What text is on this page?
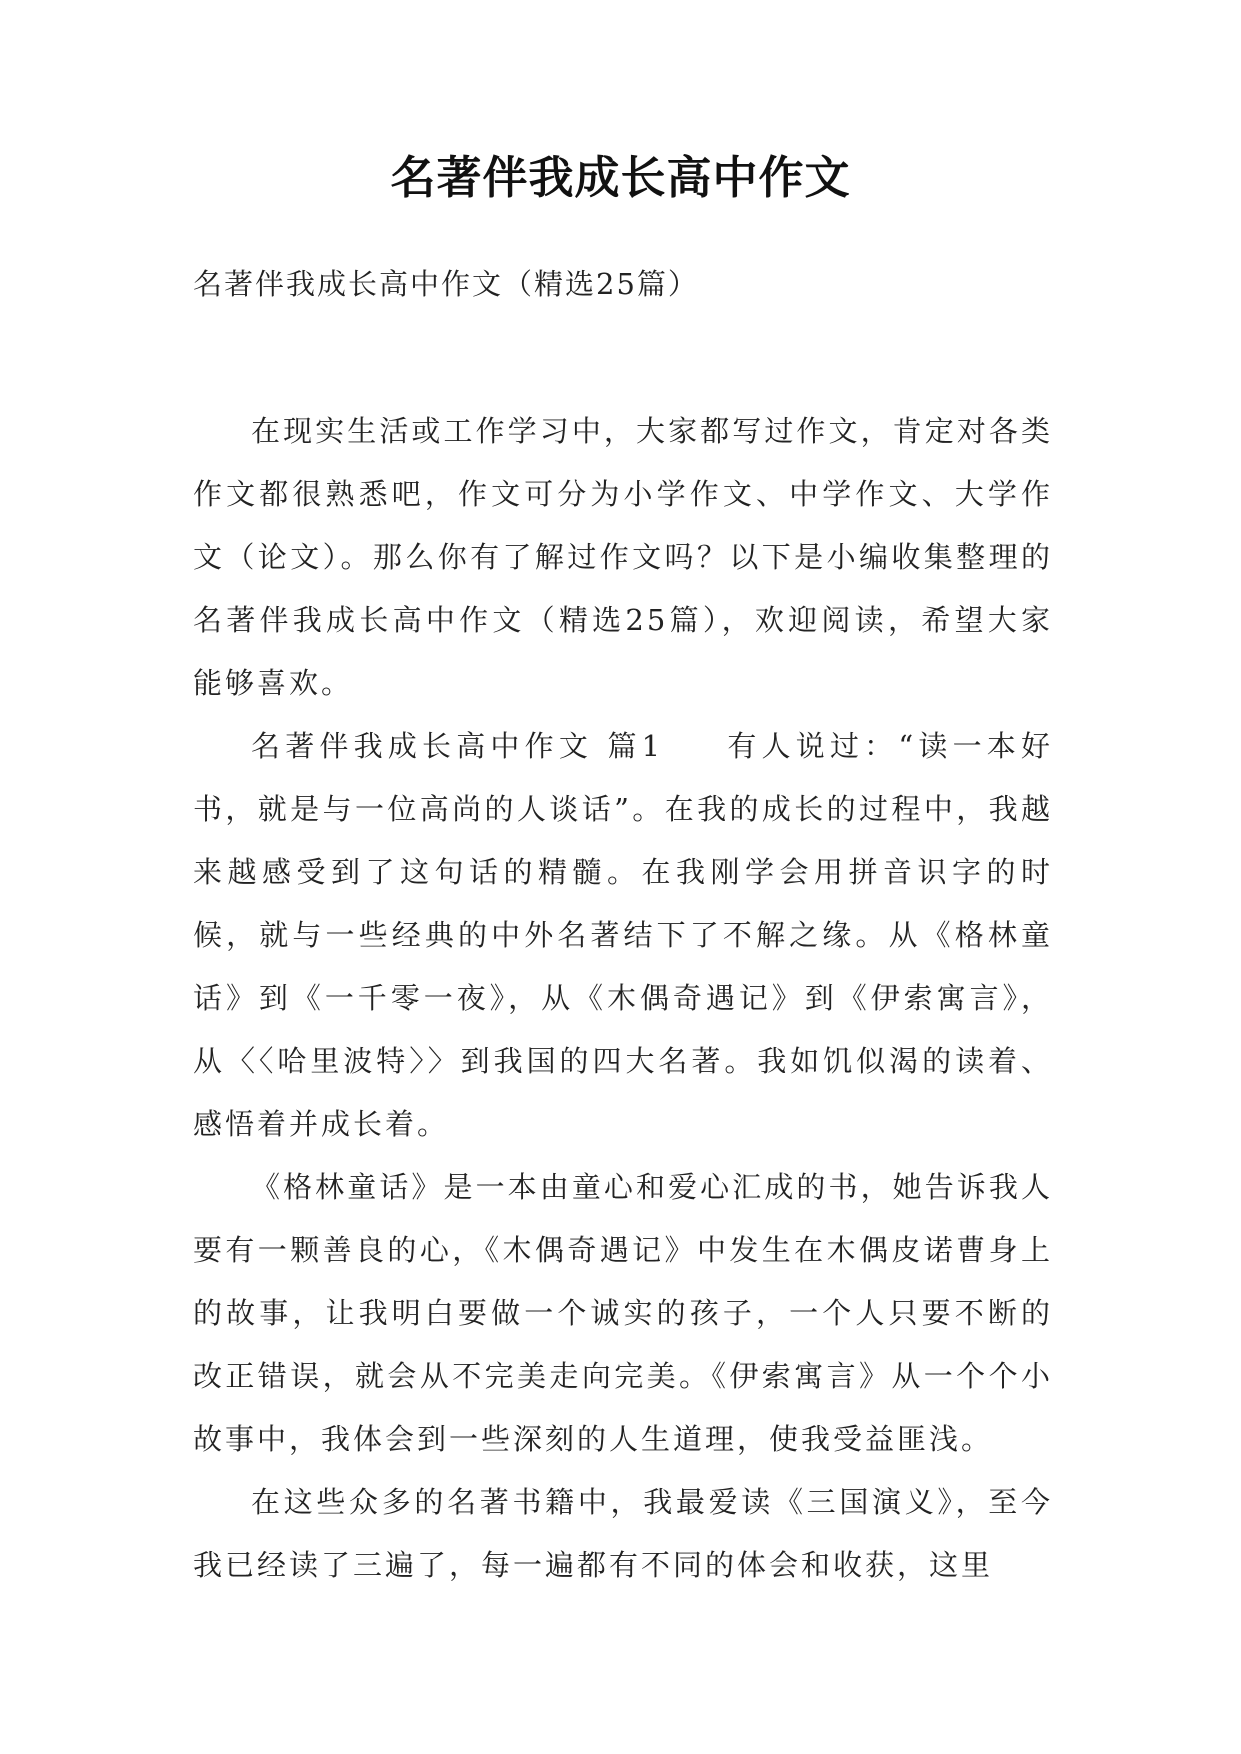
名著伴我成长高中作文

名著伴我成长高中作文（精选25篇）

在现实生活或工作学习中，大家都写过作文，肯定对各类作文都很熟悉吧，作文可分为小学作文、中学作文、大学作文（论文）。那么你有了解过作文吗？以下是小编收集整理的名著伴我成长高中作文（精选25篇），欢迎阅读，希望大家能够喜欢。

名著伴我成长高中作文 篇1 有人说过：“读一本好书，就是与一位高尚的人谈话”。在我的成长的过程中，我越来越感受到了这句话的精髓。在我刚学会用拼音识字的时候，就与一些经典的中外名著结下了不解之缘。从《格林童话》到《一千零一夜》，从《木偶奇遇记》到《伊索寓言》，从〈〈哈里波特〉〉到我国的四大名著。我如饥似渴的读着、感悟着并成长着。

《格林童话》是一本由童心和爱心汇成的书，她告诉我人要有一颗善良的心，《木偶奇遇记》中发生在木偶皮诺曹身上的故事，让我明白要做一个诚实的孩子，一个人只要不断的改正错误，就会从不完美走向完美。《伊索寓言》从一个个小故事中，我体会到一些深刻的人生道理，使我受益匪浅。

在这些众多的名著书籍中，我最爱读《三国演义》，至今我已经读了三遍了，每一遍都有不同的体会和收获，这里
